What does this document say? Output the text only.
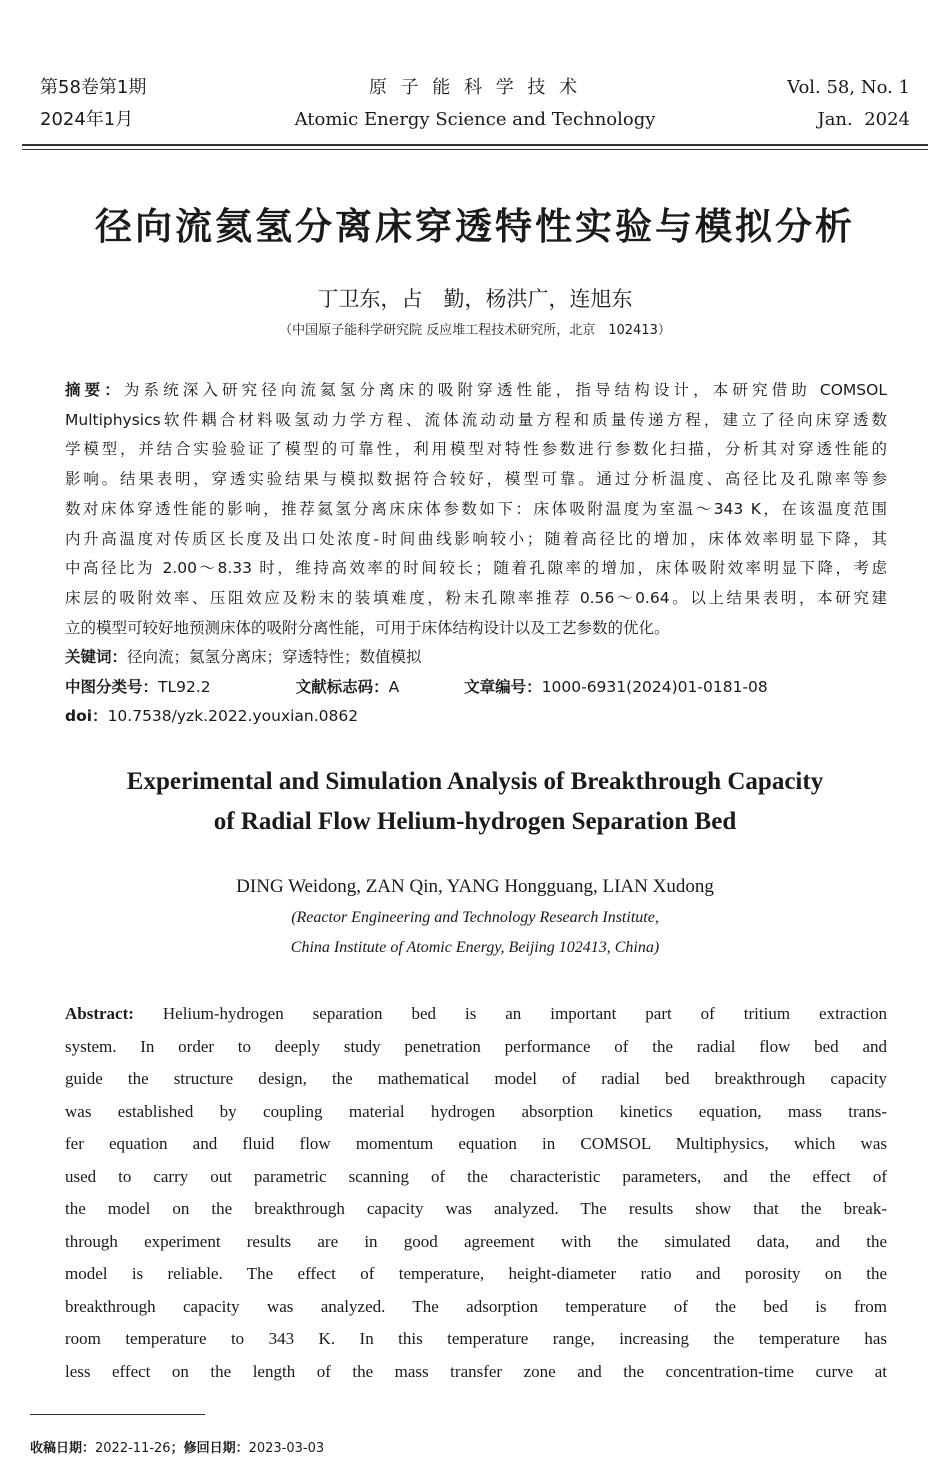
第58卷第1期
2024年1月
原 子 能 科 学 技 术
Atomic Energy Science and Technology
Vol. 58, No. 1
Jan.  2024
径向流氦氢分离床穿透特性实验与模拟分析
丁卫东，占　勤，杨洪广，连旭东
（中国原子能科学研究院 反应堆工程技术研究所，北京　102413）
摘要：为系统深入研究径向流氦氢分离床的吸附穿透性能，指导结构设计，本研究借助 COMSOL
Multiphysics软件耦合材料吸氢动力学方程、流体流动动量方程和质量传递方程，建立了径向床穿透数
学模型，并结合实验验证了模型的可靠性，利用模型对特性参数进行参数化扫描，分析其对穿透性能的
影响。结果表明，穿透实验结果与模拟数据符合较好，模型可靠。通过分析温度、高径比及孔隙率等参
数对床体穿透性能的影响，推荐氦氢分离床床体参数如下：床体吸附温度为室温～343 K，在该温度范围
内升高温度对传质区长度及出口处浓度-时间曲线影响较小；随着高径比的增加，床体效率明显下降，其
中高径比为 2.00～8.33 时，维持高效率的时间较长；随着孔隙率的增加，床体吸附效率明显下降，考虑
床层的吸附效率、压阻效应及粉末的装填难度，粉末孔隙率推荐 0.56～0.64。以上结果表明，本研究建
立的模型可较好地预测床体的吸附分离性能，可用于床体结构设计以及工艺参数的优化。
关键词：径向流；氦氢分离床；穿透特性；数值模拟
中图分类号：TL92.2	文献标志码：A	文章编号：1000-6931(2024)01-0181-08
doi：10.7538/yzk.2022.youxian.0862
Experimental and Simulation Analysis of Breakthrough Capacity
of Radial Flow Helium-hydrogen Separation Bed
DING Weidong, ZAN Qin, YANG Hongguang, LIAN Xudong
(Reactor Engineering and Technology Research Institute,
China Institute of Atomic Energy, Beijing 102413, China)
Abstract: Helium-hydrogen separation bed is an important part of tritium extraction
system. In order to deeply study penetration performance of the radial flow bed and
guide the structure design, the mathematical model of radial bed breakthrough capacity
was established by coupling material hydrogen absorption kinetics equation, mass trans-
fer equation and fluid flow momentum equation in COMSOL Multiphysics, which was
used to carry out parametric scanning of the characteristic parameters, and the effect of
the model on the breakthrough capacity was analyzed. The results show that the break-
through experiment results are in good agreement with the simulated data, and the
model is reliable. The effect of temperature, height-diameter ratio and porosity on the
breakthrough capacity was analyzed. The adsorption temperature of the bed is from
room temperature to 343 K. In this temperature range, increasing the temperature has
less effect on the length of the mass transfer zone and the concentration-time curve at
收稿日期：2022-11-26；修回日期：2023-03-03
